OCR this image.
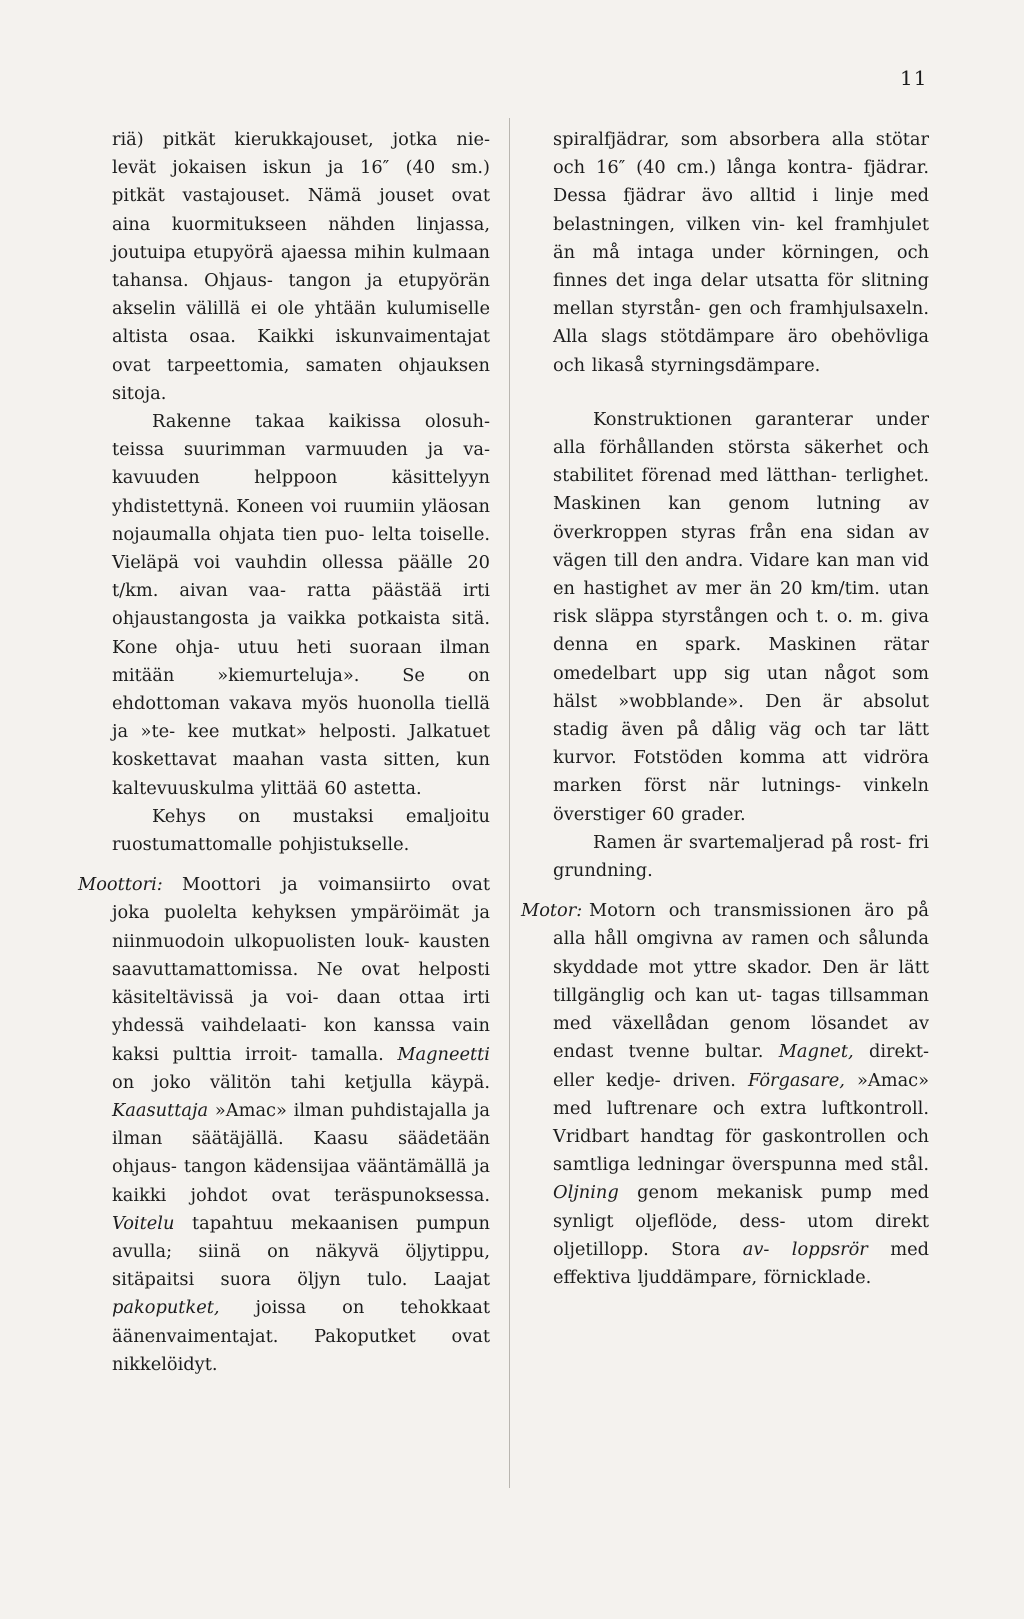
11

riä) pitkät kierukkajouset, jotka nie- levät jokaisen iskun ja 16″ (40 sm.) pitkät vastajouset. Nämä jouset ovat aina kuormitukseen nähden linjassa, joutuipa etupyörä ajaessa mihin kulmaan tahansa. Ohjaus- tangon ja etupyörän akselin välillä ei ole yhtään kulumiselle altista osaa. Kaikki iskunvaimentajat ovat tarpeettomia, samaten ohjauksen sitoja.

Rakenne takaa kaikissa olosuh- teissa suurimman varmuuden ja va- kavuuden helppoon käsittelyyn yhdistettynä. Koneen voi ruumiin yläosan nojaumalla ohjata tien puo- lelta toiselle. Vieläpä voi vauhdin ollessa päälle 20 t/km. aivan vaa- ratta päästää irti ohjaustangosta ja vaikka potkaista sitä. Kone ohja- utuu heti suoraan ilman mitään »kiemurteluja». Se on ehdottoman vakava myös huonolla tiellä ja »te- kee mutkat» helposti. Jalkatuet koskettavat maahan vasta sitten, kun kaltevuuskulma ylittää 60 astetta.

Kehys on mustaksi emaljoitu ruostumattomalle pohjistukselle.

Moottori:	Moottori ja voimansiirto ovat joka puolelta kehyksen ympäröimät ja niinmuodoin ulkopuolisten louk- kausten saavuttamattomissa. Ne ovat helposti käsiteltävissä ja voi- daan ottaa irti yhdessä vaihdelaati- kon kanssa vain kaksi pulttia irroit- tamalla. Magneetti on joko välitön tahi ketjulla käypä. Kaasuttaja »Amac» ilman puhdistajalla ja ilman säätäjällä. Kaasu säädetään ohjaus- tangon kädensijaa vääntämällä ja kaikki johdot ovat teräspunoksessa. Voitelu tapahtuu mekaanisen pumpun avulla; siinä on näkyvä öljytippu, sitäpaitsi suora öljyn tulo. Laajat pakoputket, joissa on tehokkaat äänenvaimentajat. Pakoputket ovat nikkelöidyt.

spiralfjädrar, som absorbera alla stötar och 16″ (40 cm.) långa kontra- fjädrar. Dessa fjädrar ävo alltid i linje med belastningen, vilken vin- kel framhjulet än må intaga under körningen, och finnes det inga delar utsatta för slitning mellan styrstån- gen och framhjulsaxeln. Alla slags stötdämpare äro obehövliga och likaså styrningsdämpare.

Konstruktionen garanterar under alla förhållanden största säkerhet och stabilitet förenad med lätthan- terlighet. Maskinen kan genom lutning av överkroppen styras från ena sidan av vägen till den andra. Vidare kan man vid en hastighet av mer än 20 km/tim. utan risk släppa styrstången och t. o. m. giva denna en spark. Maskinen rätar omedelbart upp sig utan något som hälst »wobblande». Den är absolut stadig även på dålig väg och tar lätt kurvor. Fotstöden komma att vidröra marken först när lutnings- vinkeln överstiger 60 grader.

Ramen är svartemaljerad på rost- fri grundning.

Motor: Motorn och transmissionen äro på alla håll omgivna av ramen och sålunda skyddade mot yttre skador. Den är lätt tillgänglig och kan ut- tagas tillsamman med växellådan genom lösandet av endast tvenne bultar. Magnet, direkt- eller kedje- driven. Förgasare, »Amac» med luftrenare och extra luftkontroll. Vridbart handtag för gaskontrollen och samtliga ledningar överspunna med stål. Oljning genom mekanisk pump med synligt oljeflöde, dess- utom direkt oljetillopp. Stora av- loppsrör med effektiva ljuddämpare, förnicklade.
